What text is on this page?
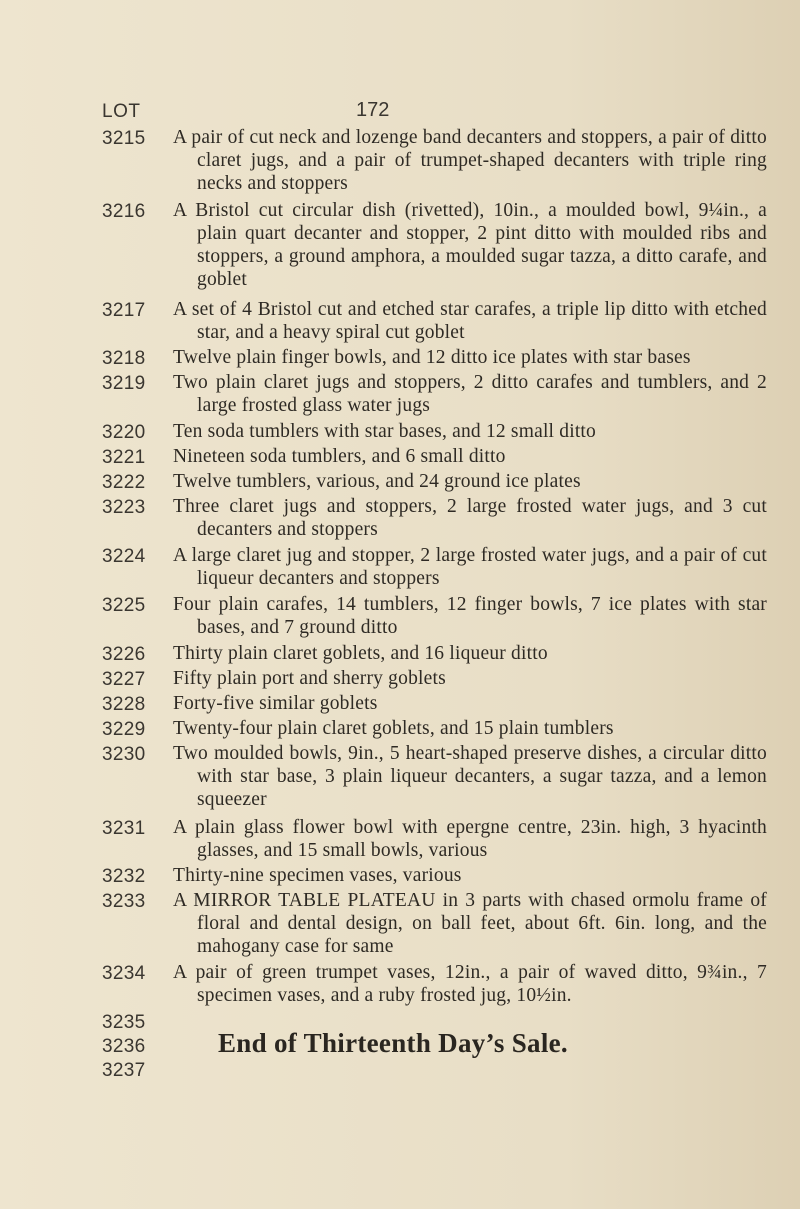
LOT	172
3215 A pair of cut neck and lozenge band decanters and stoppers, a pair of ditto claret jugs, and a pair of trumpet-shaped decanters with triple ring necks and stoppers
3216 A Bristol cut circular dish (rivetted), 10in., a moulded bowl, 9¼in., a plain quart decanter and stopper, 2 pint ditto with moulded ribs and stoppers, a ground amphora, a moulded sugar tazza, a ditto carafe, and goblet
3217 A set of 4 Bristol cut and etched star carafes, a triple lip ditto with etched star, and a heavy spiral cut goblet
3218 Twelve plain finger bowls, and 12 ditto ice plates with star bases
3219 Two plain claret jugs and stoppers, 2 ditto carafes and tumblers, and 2 large frosted glass water jugs
3220 Ten soda tumblers with star bases, and 12 small ditto
3221 Nineteen soda tumblers, and 6 small ditto
3222 Twelve tumblers, various, and 24 ground ice plates
3223 Three claret jugs and stoppers, 2 large frosted water jugs, and 3 cut decanters and stoppers
3224 A large claret jug and stopper, 2 large frosted water jugs, and a pair of cut liqueur decanters and stoppers
3225 Four plain carafes, 14 tumblers, 12 finger bowls, 7 ice plates with star bases, and 7 ground ditto
3226 Thirty plain claret goblets, and 16 liqueur ditto
3227 Fifty plain port and sherry goblets
3228 Forty-five similar goblets
3229 Twenty-four plain claret goblets, and 15 plain tumblers
3230 Two moulded bowls, 9in., 5 heart-shaped preserve dishes, a circular ditto with star base, 3 plain liqueur decanters, a sugar tazza, and a lemon squeezer
3231 A plain glass flower bowl with epergne centre, 23in. high, 3 hyacinth glasses, and 15 small bowls, various
3232 Thirty-nine specimen vases, various
3233 A MIRROR TABLE PLATEAU in 3 parts with chased ormolu frame of floral and dental design, on ball feet, about 6ft. 6in. long, and the mahogany case for same
3234 A pair of green trumpet vases, 12in., a pair of waved ditto, 9¾in., 7 specimen vases, and a ruby frosted jug, 10½in.
3235
3236
3237
End of Thirteenth Day’s Sale.
